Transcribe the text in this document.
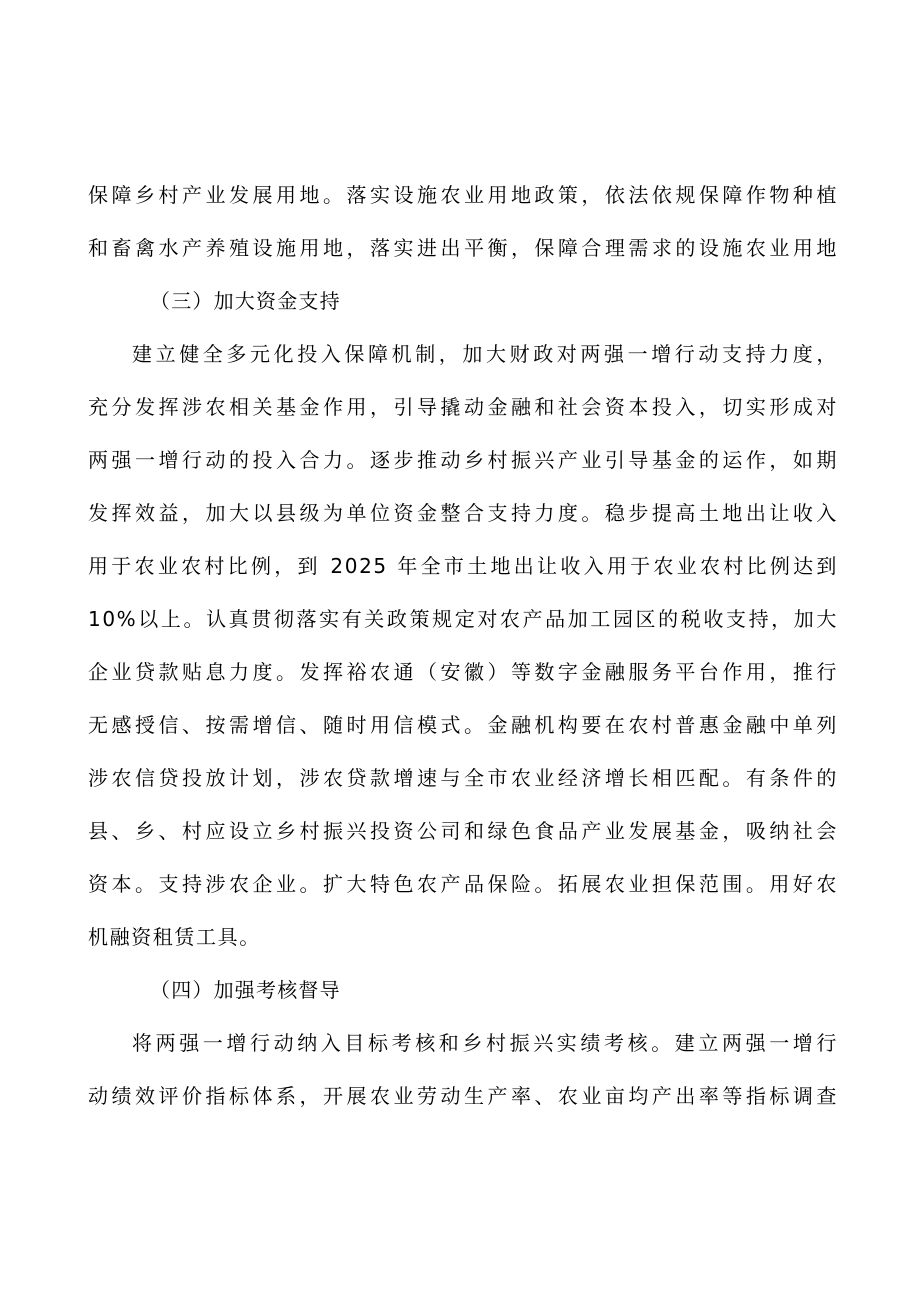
保障乡村产业发展用地。落实设施农业用地政策，依法依规保障作物种植
和畜禽水产养殖设施用地，落实进出平衡，保障合理需求的设施农业用地
（三）加大资金支持
建立健全多元化投入保障机制，加大财政对两强一增行动支持力度，
充分发挥涉农相关基金作用，引导撬动金融和社会资本投入，切实形成对
两强一增行动的投入合力。逐步推动乡村振兴产业引导基金的运作，如期
发挥效益，加大以县级为单位资金整合支持力度。稳步提高土地出让收入
用于农业农村比例，到 2025 年全市土地出让收入用于农业农村比例达到
10%以上。认真贯彻落实有关政策规定对农产品加工园区的税收支持，加大
企业贷款贴息力度。发挥裕农通（安徽）等数字金融服务平台作用，推行
无感授信、按需增信、随时用信模式。金融机构要在农村普惠金融中单列
涉农信贷投放计划，涉农贷款增速与全市农业经济增长相匹配。有条件的
县、乡、村应设立乡村振兴投资公司和绿色食品产业发展基金，吸纳社会
资本。支持涉农企业。扩大特色农产品保险。拓展农业担保范围。用好农
机融资租赁工具。
（四）加强考核督导
将两强一增行动纳入目标考核和乡村振兴实绩考核。建立两强一增行
动绩效评价指标体系，开展农业劳动生产率、农业亩均产出率等指标调查
